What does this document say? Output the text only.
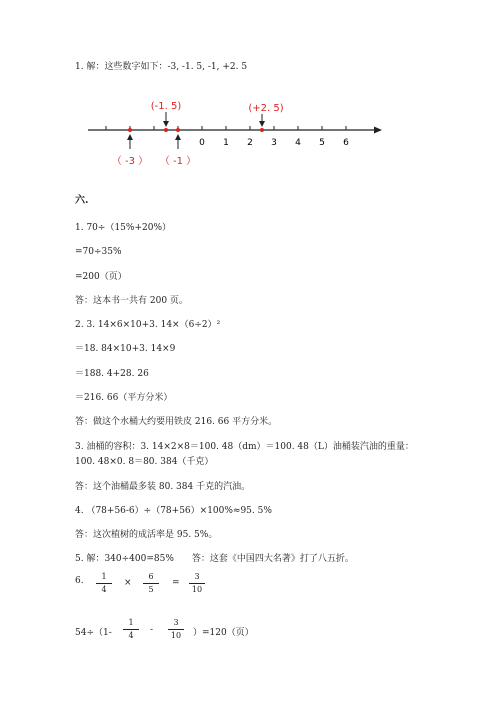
1. 解：这些数字如下：-3, -1. 5, -1, +2. 5
0 1 2 3 4 5 6
(-1. 5)	(+2. 5)
（ -3 ） （ -1 ）
六.
1. 70÷（15%+20%）
=70÷35%
=200（页）
答：这本书一共有 200 页。
2. 3. 14×6×10+3. 14×（6÷2）²
＝18. 84×10+3. 14×9
＝188. 4+28. 26
＝216. 66（平方分米）
答：做这个水桶大约要用铁皮 216. 66 平方分米。
3. 油桶的容积：3. 14×2×8＝100. 48（dm）＝100. 48（L）油桶装汽油的重量：
100. 48×0. 8＝80. 384（千克）
答：这个油桶最多装 80. 384 千克的汽油。
4. （78+56-6）÷（78+56）×100%≈95. 5%
答：这次植树的成活率是 95. 5%。
5. 解：340÷400=85%　　答：这套《中国四大名著》打了八五折。
6.	1
4
×
6
5
=
3
10
54÷（1-
1
4
-
3
10	）=120（页）
